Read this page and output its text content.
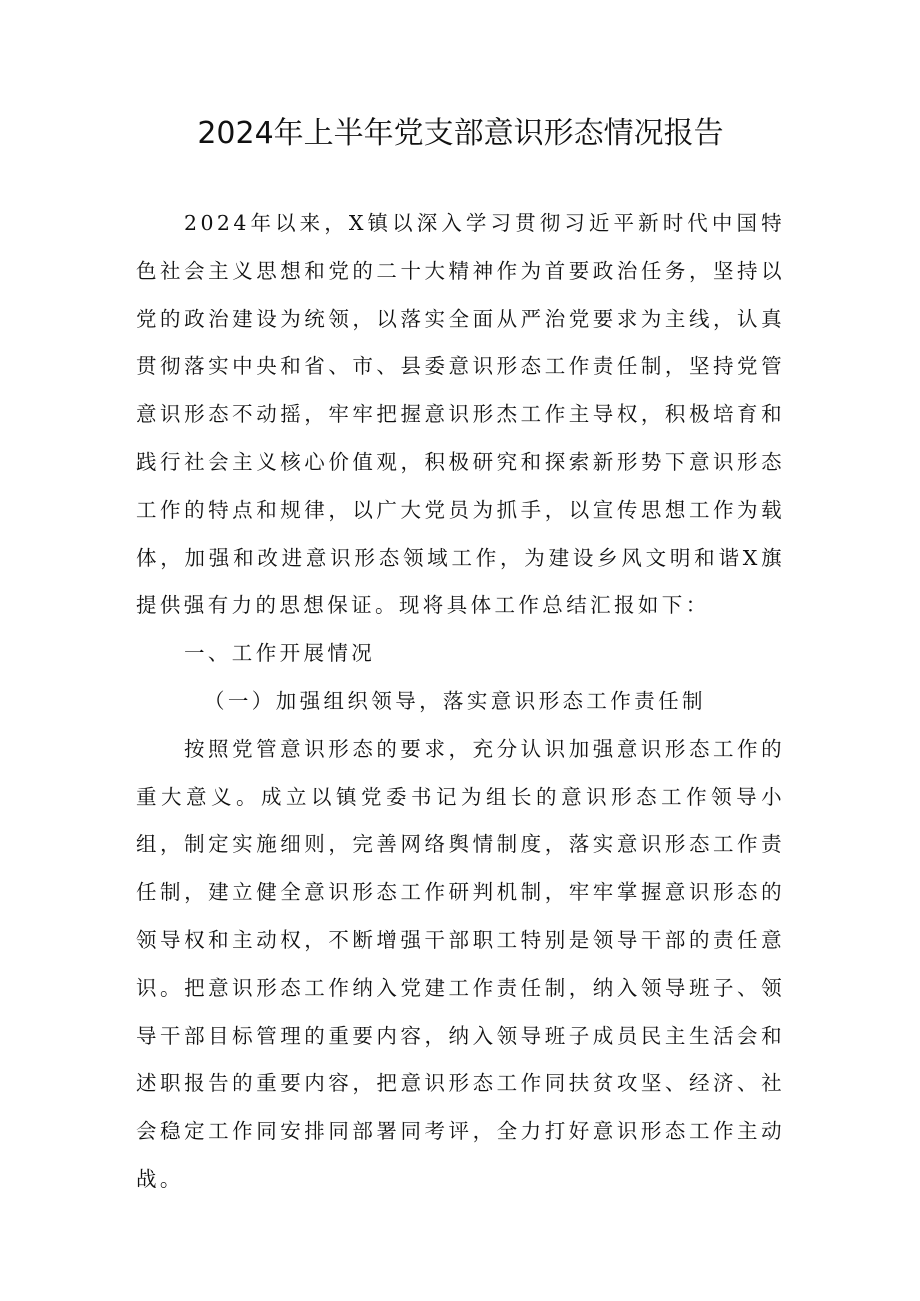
2024年上半年党支部意识形态情况报告

2024年以来，X镇以深入学习贯彻习近平新时代中国特色社会主义思想和党的二十大精神作为首要政治任务，坚持以党的政治建设为统领，以落实全面从严治党要求为主线，认真贯彻落实中央和省、市、县委意识形态工作责任制，坚持党管意识形态不动摇，牢牢把握意识形杰工作主导权，积极培育和践行社会主义核心价值观，积极研究和探索新形势下意识形态工作的特点和规律，以广大党员为抓手，以宣传思想工作为载体，加强和改进意识形态领域工作，为建设乡风文明和谐X旗提供强有力的思想保证。现将具体工作总结汇报如下：

一、工作开展情况

（一）加强组织领导，落实意识形态工作责任制

按照党管意识形态的要求，充分认识加强意识形态工作的重大意义。成立以镇党委书记为组长的意识形态工作领导小组，制定实施细则，完善网络舆情制度，落实意识形态工作责任制，建立健全意识形态工作研判机制，牢牢掌握意识形态的领导权和主动权，不断增强干部职工特别是领导干部的责任意识。把意识形态工作纳入党建工作责任制，纳入领导班子、领导干部目标管理的重要内容，纳入领导班子成员民主生活会和述职报告的重要内容，把意识形态工作同扶贫攻坚、经济、社会稳定工作同安排同部署同考评，全力打好意识形态工作主动战。
